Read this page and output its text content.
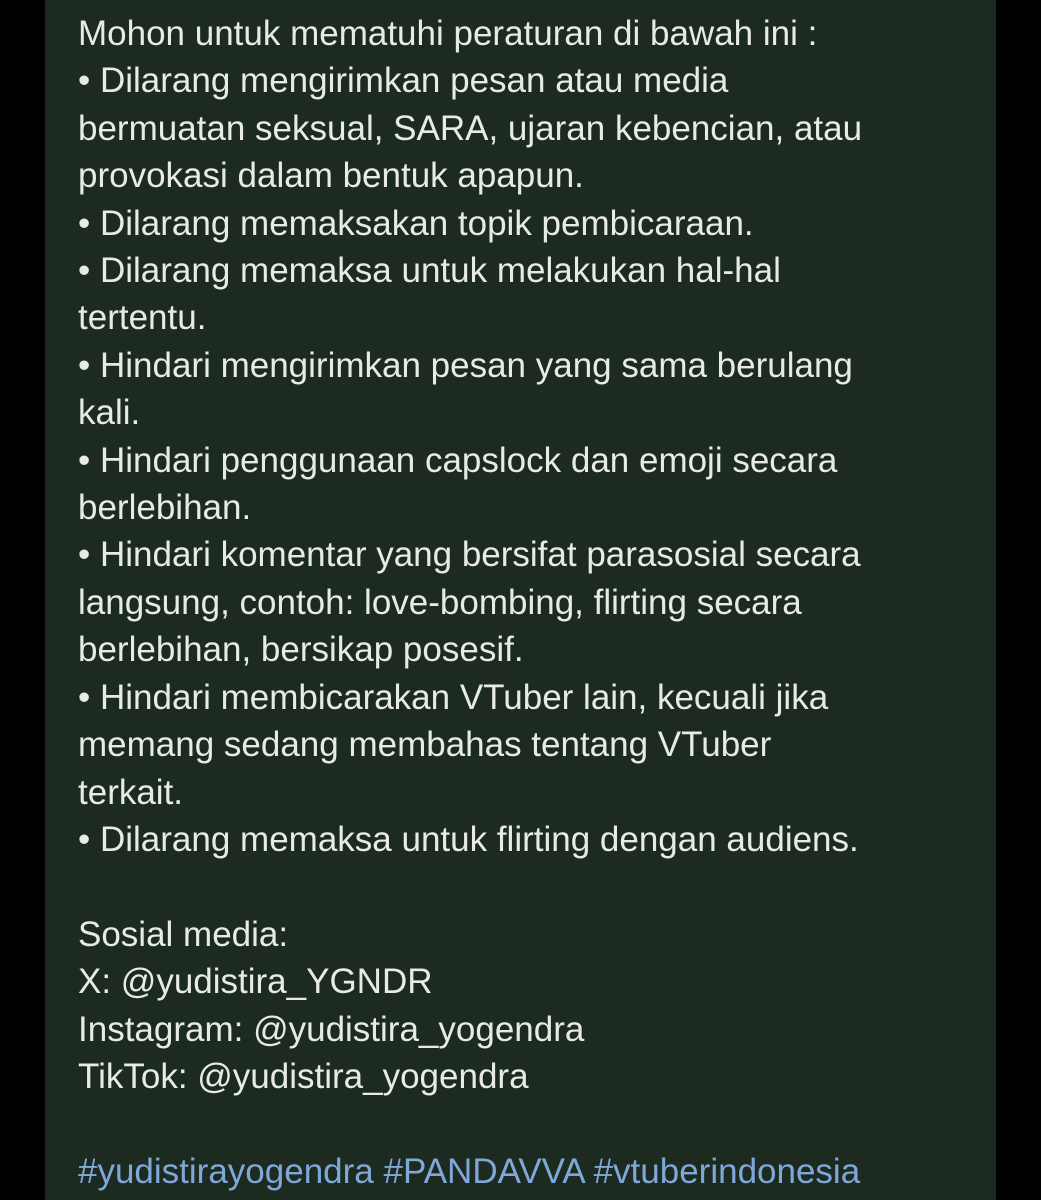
Mohon untuk mematuhi peraturan di bawah ini :
• Dilarang mengirimkan pesan atau media
bermuatan seksual, SARA, ujaran kebencian, atau
provokasi dalam bentuk apapun.
• Dilarang memaksakan topik pembicaraan.
• Dilarang memaksa untuk melakukan hal-hal
tertentu.
• Hindari mengirimkan pesan yang sama berulang
kali.
• Hindari penggunaan capslock dan emoji secara
berlebihan.
• Hindari komentar yang bersifat parasosial secara
langsung, contoh: love-bombing, flirting secara
berlebihan, bersikap posesif.
• Hindari membicarakan VTuber lain, kecuali jika
memang sedang membahas tentang VTuber
terkait.
• Dilarang memaksa untuk flirting dengan audiens.
Sosial media:
X: @yudistira_YGNDR
Instagram: @yudistira_yogendra
TikTok: @yudistira_yogendra
#yudistirayogendra #PANDAVVA #vtuberindonesia
